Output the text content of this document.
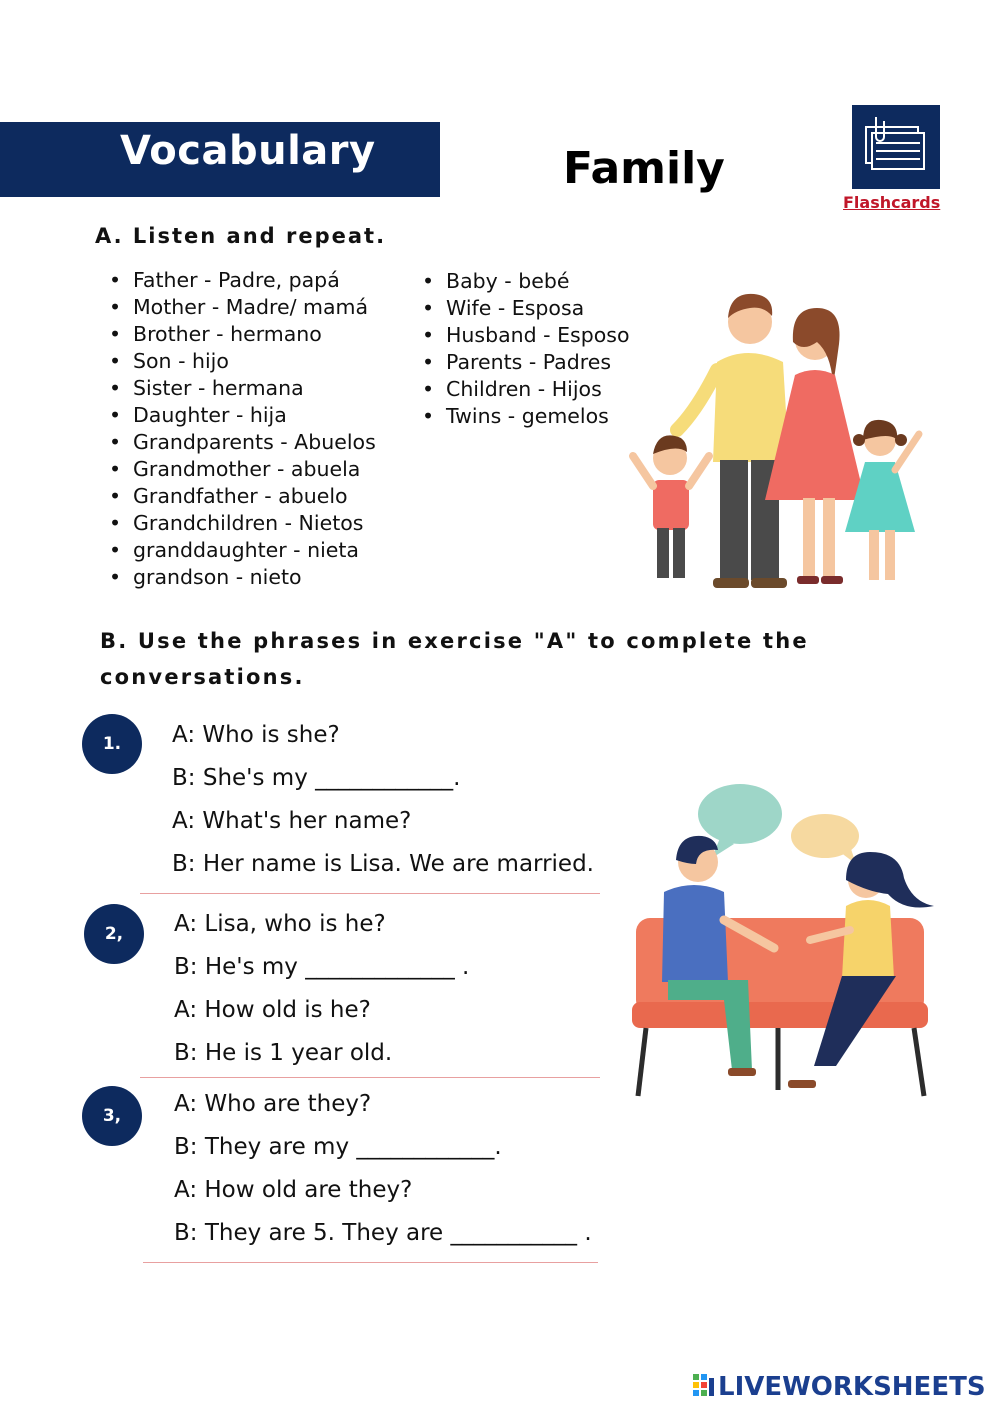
Vocabulary	Family
Flashcards
A. Listen and repeat.
• Father - Padre, papá
• Mother - Madre/ mamá
• Brother - hermano
• Son - hijo
• Sister - hermana
• Daughter - hija
• Grandparents - Abuelos
• Grandmother - abuela
• Grandfather - abuelo
• Grandchildren - Nietos
• granddaughter - nieta
• grandson - nieto
• Baby - bebé
• Wife - Esposa
• Husband - Esposo
• Parents - Padres
• Children - Hijos
• Twins - gemelos
B. Use the phrases in exercise "A" to complete the conversations.
1. A: Who is she?
B: She's my ____________.
A: What's her name?
B: Her name is Lisa. We are married.
2, A: Lisa, who is he?
B: He's my _____________ .
A: How old is he?
B: He is 1 year old.
3, A: Who are they?
B: They are my ____________.
A: How old are they?
B: They are 5. They are ___________ .
LIVEWORKSHEETS
